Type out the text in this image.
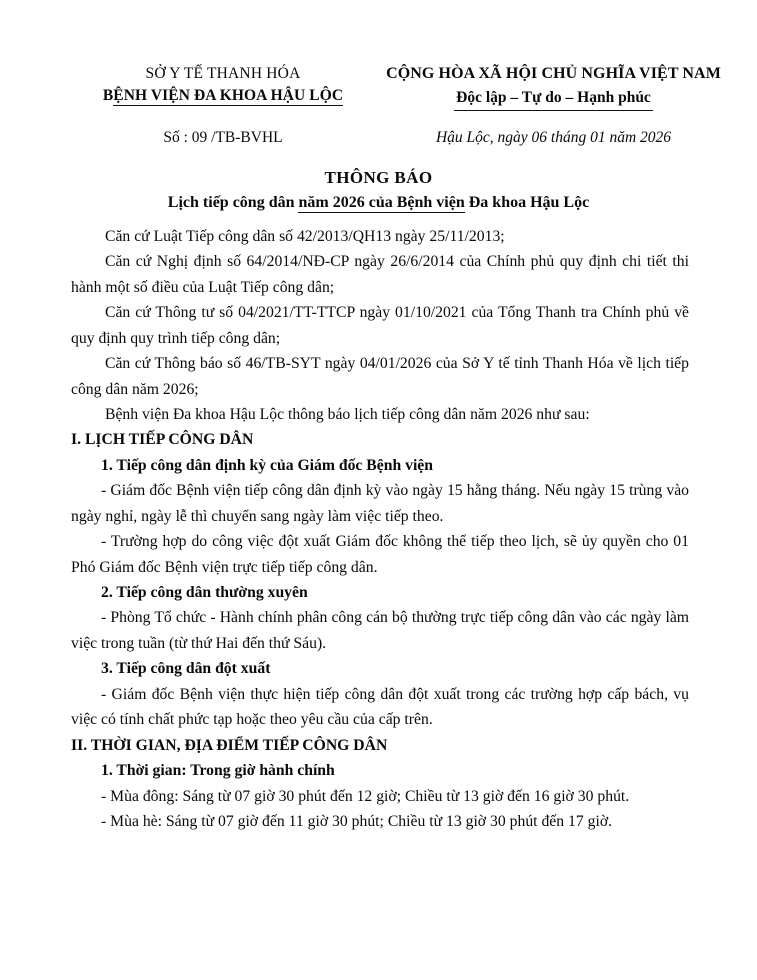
SỞ Y TẾ THANH HÓA
BỆNH VIỆN ĐA KHOA HẬU LỘC
CỘNG HÒA XÃ HỘI CHỦ NGHĨA VIỆT NAM
Độc lập – Tự do – Hạnh phúc
Số : 09 /TB-BVHL	Hậu Lộc, ngày 06 tháng 01 năm 2026
THÔNG BÁO
Lịch tiếp công dân năm 2026 của Bệnh viện Đa khoa Hậu Lộc

Căn cứ Luật Tiếp công dân số 42/2013/QH13 ngày 25/11/2013;

Căn cứ Nghị định số 64/2014/NĐ-CP ngày 26/6/2014 của Chính phủ quy định chi tiết thi hành một số điều của Luật Tiếp công dân;

Căn cứ Thông tư số 04/2021/TT-TTCP ngày 01/10/2021 của Tổng Thanh tra Chính phủ về quy định quy trình tiếp công dân;

Căn cứ Thông báo số 46/TB-SYT ngày 04/01/2026 của Sở Y tế tỉnh Thanh Hóa về lịch tiếp công dân năm 2026;

Bệnh viện Đa khoa Hậu Lộc thông báo lịch tiếp công dân năm 2026 như sau:

I. LỊCH TIẾP CÔNG DÂN

1. Tiếp công dân định kỳ của Giám đốc Bệnh viện

- Giám đốc Bệnh viện tiếp công dân định kỳ vào ngày 15 hằng tháng. Nếu ngày 15 trùng vào ngày nghỉ, ngày lễ thì chuyển sang ngày làm việc tiếp theo.

- Trường hợp do công việc đột xuất Giám đốc không thể tiếp theo lịch, sẽ ủy quyền cho 01 Phó Giám đốc Bệnh viện trực tiếp tiếp công dân.

2. Tiếp công dân thường xuyên

- Phòng Tổ chức - Hành chính phân công cán bộ thường trực tiếp công dân vào các ngày làm việc trong tuần (từ thứ Hai đến thứ Sáu).

3. Tiếp công dân đột xuất

- Giám đốc Bệnh viện thực hiện tiếp công dân đột xuất trong các trường hợp cấp bách, vụ việc có tính chất phức tạp hoặc theo yêu cầu của cấp trên.

II. THỜI GIAN, ĐỊA ĐIỂM TIẾP CÔNG DÂN

1. Thời gian: Trong giờ hành chính

- Mùa đông: Sáng từ 07 giờ 30 phút đến 12 giờ; Chiều từ 13 giờ đến 16 giờ 30 phút.

- Mùa hè: Sáng từ 07 giờ đến 11 giờ 30 phút; Chiều từ 13 giờ 30 phút đến 17 giờ.
